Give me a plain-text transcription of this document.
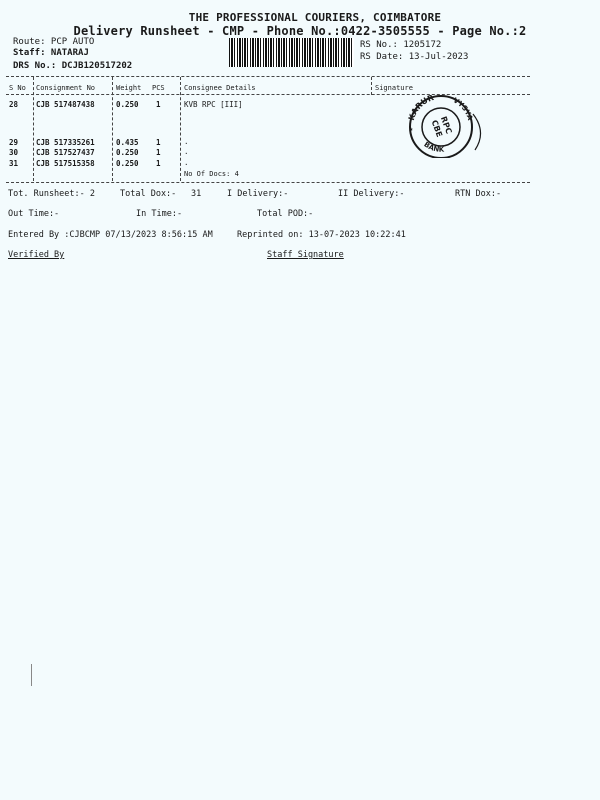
THE PROFESSIONAL COURIERS, COIMBATORE
Delivery Runsheet - CMP - Phone No.:0422-3505555 - Page No.:2
Route: PCP AUTO
Staff: NATARAJ
DRS No.: DCJB120517202
RS No.: 1205172
RS Date: 13-Jul-2023
S No Consignment No	Weight PCS	Consignee Details	Signature
28 CJB 517487438	0.250 1	KVB RPC [III]
29 CJB 517335261	0.435 1	.
30 CJB 517527437	0.250 1	.
31 CJB 517515358	0.250 1	.
No Of Docs: 4
KARUR VYSYA
BANK
★	RPC
CBE
Tot. Runsheet:- 2	Total Dox:- 31	I Delivery:-	II Delivery:-	RTN Dox:-
Out Time:-	In Time:-	Total POD:-
Entered By :CJBCMP 07/13/2023 8:56:15 AM	Reprinted on: 13-07-2023 10:22:41
Verified By	Staff Signature
